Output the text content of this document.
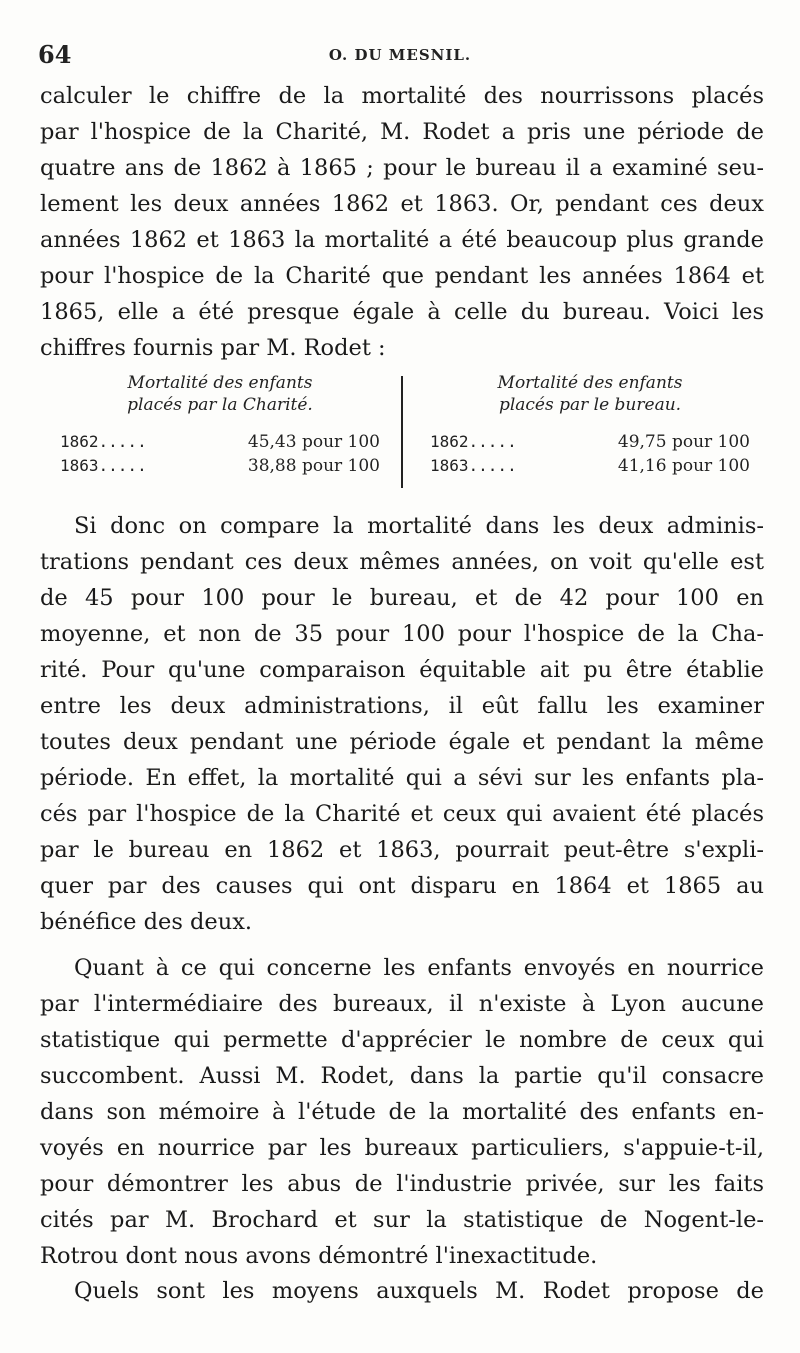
64	O. DU MESNIL.
calculer le chiffre de la mortalité des nourrissons placés
par l'hospice de la Charité, M. Rodet a pris une période de
quatre ans de 1862 à 1865 ; pour le bureau il a examiné seu-
lement les deux années 1862 et 1863. Or, pendant ces deux
années 1862 et 1863 la mortalité a été beaucoup plus grande
pour l'hospice de la Charité que pendant les années 1864 et
1865, elle a été presque égale à celle du bureau. Voici les
chiffres fournis par M. Rodet :
Mortalité des enfants
placés par la Charité.
1862.....	45,43 pour 100
1863.....	38,88 pour 100
Mortalité des enfants
placés par le bureau.
1862.....	49,75 pour 100
1863.....	41,16 pour 100
Si donc on compare la mortalité dans les deux adminis-
trations pendant ces deux mêmes années, on voit qu'elle est
de 45 pour 100 pour le bureau, et de 42 pour 100 en
moyenne, et non de 35 pour 100 pour l'hospice de la Cha-
rité. Pour qu'une comparaison équitable ait pu être établie
entre les deux administrations, il eût fallu les examiner
toutes deux pendant une période égale et pendant la même
période. En effet, la mortalité qui a sévi sur les enfants pla-
cés par l'hospice de la Charité et ceux qui avaient été placés
par le bureau en 1862 et 1863, pourrait peut-être s'expli-
quer par des causes qui ont disparu en 1864 et 1865 au
bénéfice des deux.
Quant à ce qui concerne les enfants envoyés en nourrice
par l'intermédiaire des bureaux, il n'existe à Lyon aucune
statistique qui permette d'apprécier le nombre de ceux qui
succombent. Aussi M. Rodet, dans la partie qu'il consacre
dans son mémoire à l'étude de la mortalité des enfants en-
voyés en nourrice par les bureaux particuliers, s'appuie-t-il,
pour démontrer les abus de l'industrie privée, sur les faits
cités par M. Brochard et sur la statistique de Nogent-le-
Rotrou dont nous avons démontré l'inexactitude.
Quels sont les moyens auxquels M. Rodet propose de
